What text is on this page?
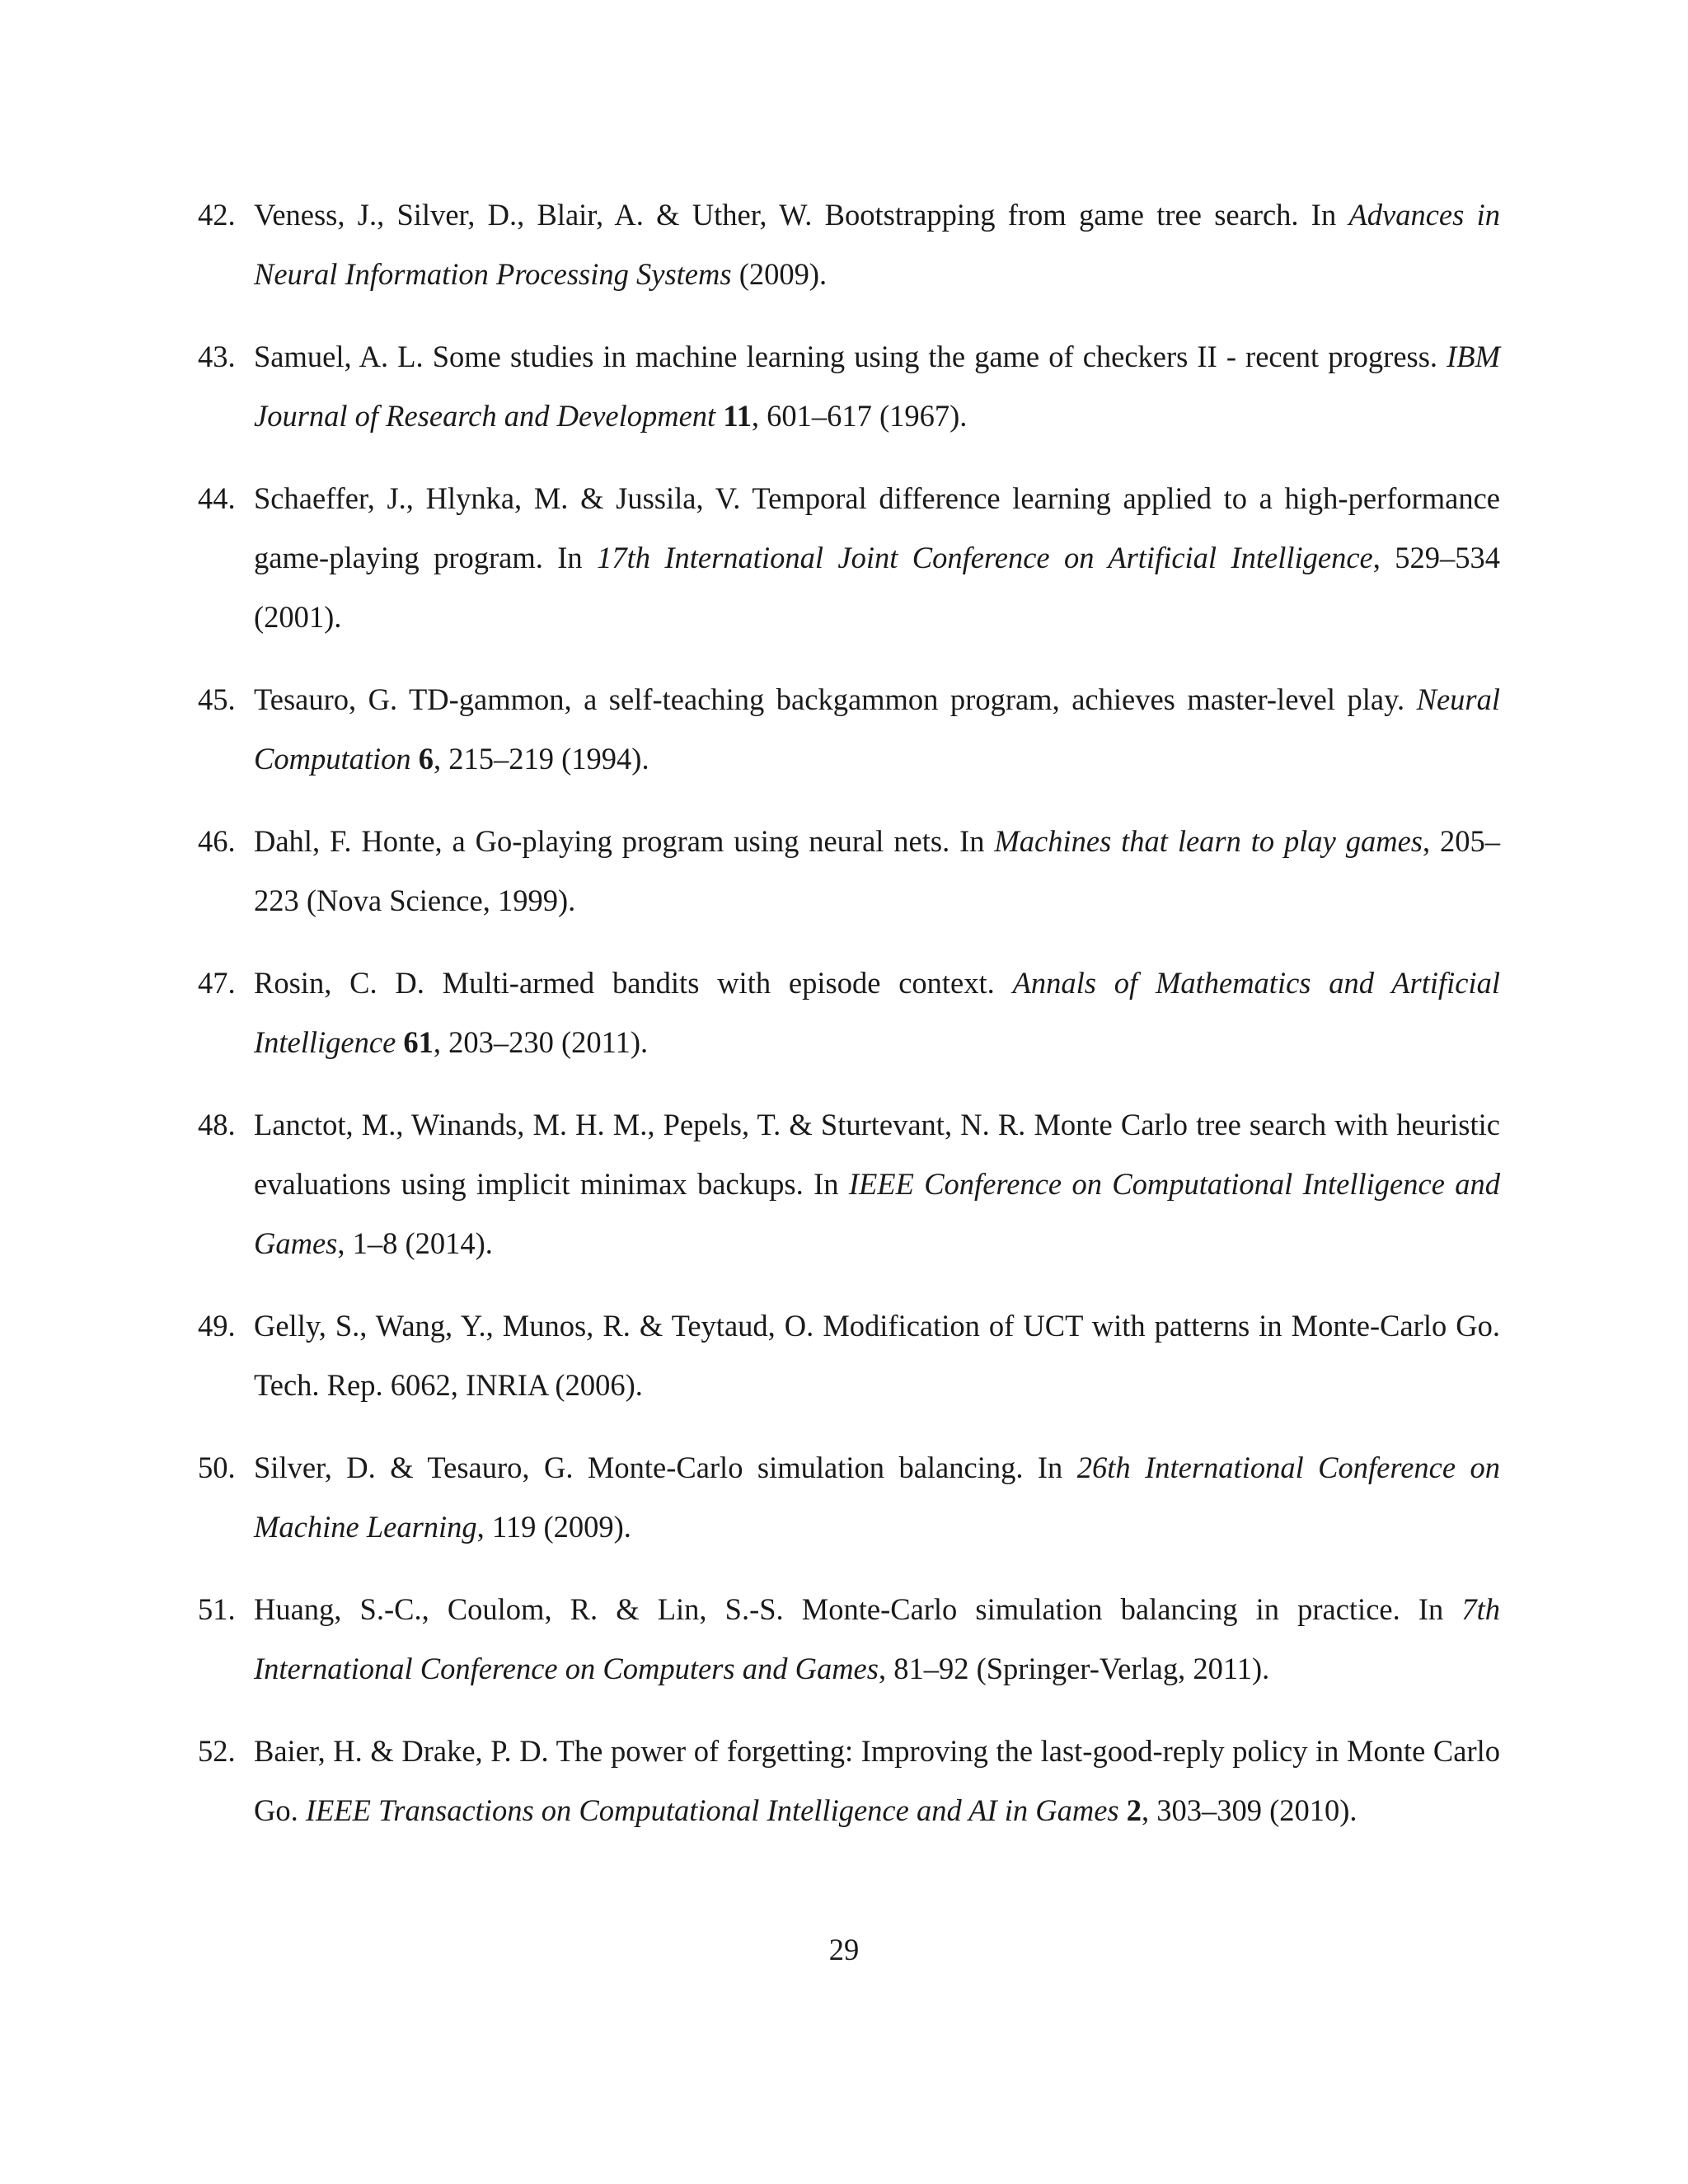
42. Veness, J., Silver, D., Blair, A. & Uther, W. Bootstrapping from game tree search. In Advances in Neural Information Processing Systems (2009).
43. Samuel, A. L. Some studies in machine learning using the game of checkers II - recent progress. IBM Journal of Research and Development 11, 601–617 (1967).
44. Schaeffer, J., Hlynka, M. & Jussila, V. Temporal difference learning applied to a high-performance game-playing program. In 17th International Joint Conference on Artificial Intelligence, 529–534 (2001).
45. Tesauro, G. TD-gammon, a self-teaching backgammon program, achieves master-level play. Neural Computation 6, 215–219 (1994).
46. Dahl, F. Honte, a Go-playing program using neural nets. In Machines that learn to play games, 205–223 (Nova Science, 1999).
47. Rosin, C. D. Multi-armed bandits with episode context. Annals of Mathematics and Artificial Intelligence 61, 203–230 (2011).
48. Lanctot, M., Winands, M. H. M., Pepels, T. & Sturtevant, N. R. Monte Carlo tree search with heuristic evaluations using implicit minimax backups. In IEEE Conference on Computational Intelligence and Games, 1–8 (2014).
49. Gelly, S., Wang, Y., Munos, R. & Teytaud, O. Modification of UCT with patterns in Monte-Carlo Go. Tech. Rep. 6062, INRIA (2006).
50. Silver, D. & Tesauro, G. Monte-Carlo simulation balancing. In 26th International Conference on Machine Learning, 119 (2009).
51. Huang, S.-C., Coulom, R. & Lin, S.-S. Monte-Carlo simulation balancing in practice. In 7th International Conference on Computers and Games, 81–92 (Springer-Verlag, 2011).
52. Baier, H. & Drake, P. D. The power of forgetting: Improving the last-good-reply policy in Monte Carlo Go. IEEE Transactions on Computational Intelligence and AI in Games 2, 303–309 (2010).
29
